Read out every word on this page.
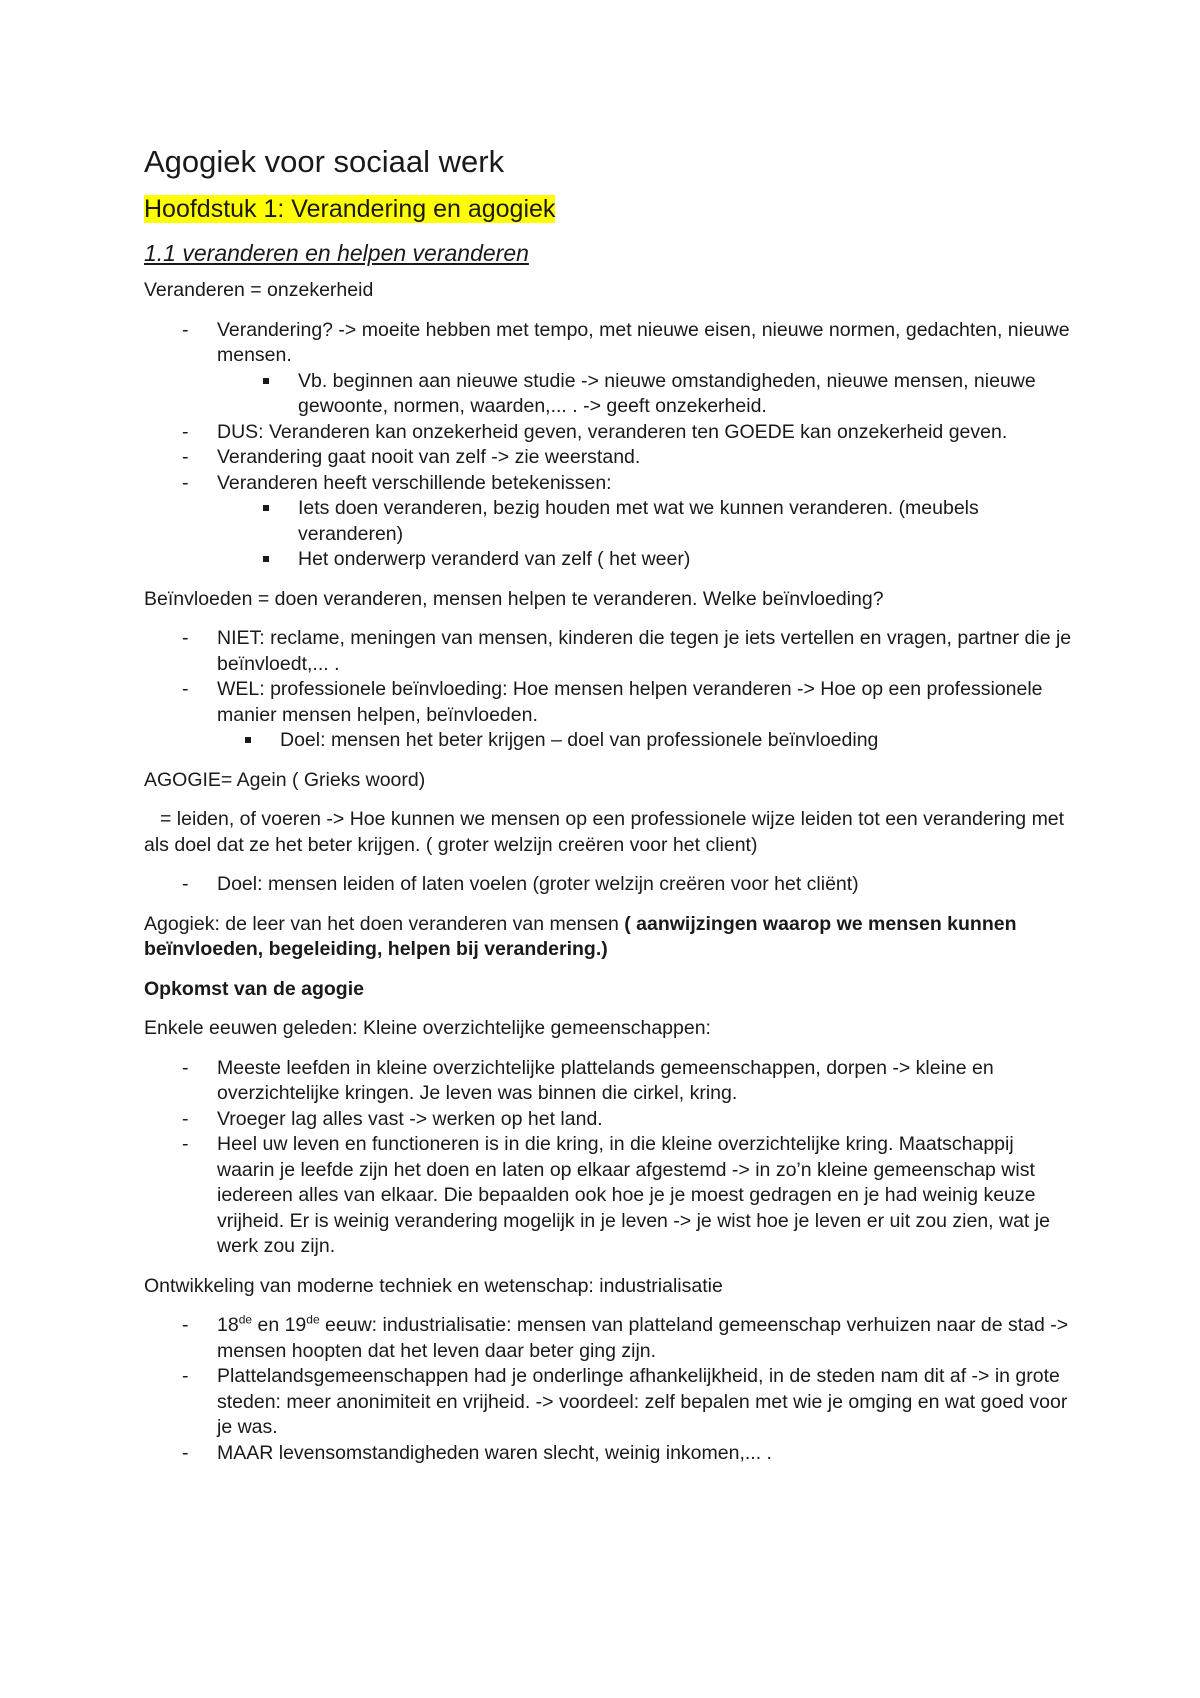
Agogiek voor sociaal werk
Hoofdstuk 1: Verandering en agogiek
1.1 veranderen en helpen veranderen

Veranderen = onzekerheid

- Verandering? -> moeite hebben met tempo, met nieuwe eisen, nieuwe normen, gedachten, nieuwe mensen.
Vb. beginnen aan nieuwe studie -> nieuwe omstandigheden, nieuwe mensen, nieuwe gewoonte, normen, waarden,... . -> geeft onzekerheid.
- DUS: Veranderen kan onzekerheid geven, veranderen ten GOEDE kan onzekerheid geven.
- Verandering gaat nooit van zelf -> zie weerstand.
- Veranderen heeft verschillende betekenissen:
Iets doen veranderen, bezig houden met wat we kunnen veranderen. (meubels veranderen)
Het onderwerp veranderd van zelf ( het weer)

Beïnvloeden = doen veranderen, mensen helpen te veranderen. Welke beïnvloeding?

- NIET: reclame, meningen van mensen, kinderen die tegen je iets vertellen en vragen, partner die je beïnvloedt,... .
- WEL: professionele beïnvloeding: Hoe mensen helpen veranderen -> Hoe op een professionele manier mensen helpen, beïnvloeden.
Doel: mensen het beter krijgen – doel van professionele beïnvloeding

AGOGIE= Agein ( Grieks woord)

= leiden, of voeren -> Hoe kunnen we mensen op een professionele wijze leiden tot een verandering met als doel dat ze het beter krijgen. ( groter welzijn creëren voor het client)

- Doel: mensen leiden of laten voelen (groter welzijn creëren voor het cliënt)

Agogiek: de leer van het doen veranderen van mensen ( aanwijzingen waarop we mensen kunnen beïnvloeden, begeleiding, helpen bij verandering.)

Opkomst van de agogie

Enkele eeuwen geleden: Kleine overzichtelijke gemeenschappen:

- Meeste leefden in kleine overzichtelijke plattelands gemeenschappen, dorpen -> kleine en overzichtelijke kringen. Je leven was binnen die cirkel, kring.
- Vroeger lag alles vast -> werken op het land.
- Heel uw leven en functioneren is in die kring, in die kleine overzichtelijke kring. Maatschappij waarin je leefde zijn het doen en laten op elkaar afgestemd -> in zo’n kleine gemeenschap wist iedereen alles van elkaar. Die bepaalden ook hoe je je moest gedragen en je had weinig keuze vrijheid. Er is weinig verandering mogelijk in je leven -> je wist hoe je leven er uit zou zien, wat je werk zou zijn.

Ontwikkeling van moderne techniek en wetenschap: industrialisatie

- 18de en 19de eeuw: industrialisatie: mensen van platteland gemeenschap verhuizen naar de stad -> mensen hoopten dat het leven daar beter ging zijn.
- Plattelandsgemeenschappen had je onderlinge afhankelijkheid, in de steden nam dit af -> in grote steden: meer anonimiteit en vrijheid. -> voordeel: zelf bepalen met wie je omging en wat goed voor je was.
- MAAR levensomstandigheden waren slecht, weinig inkomen,... .
